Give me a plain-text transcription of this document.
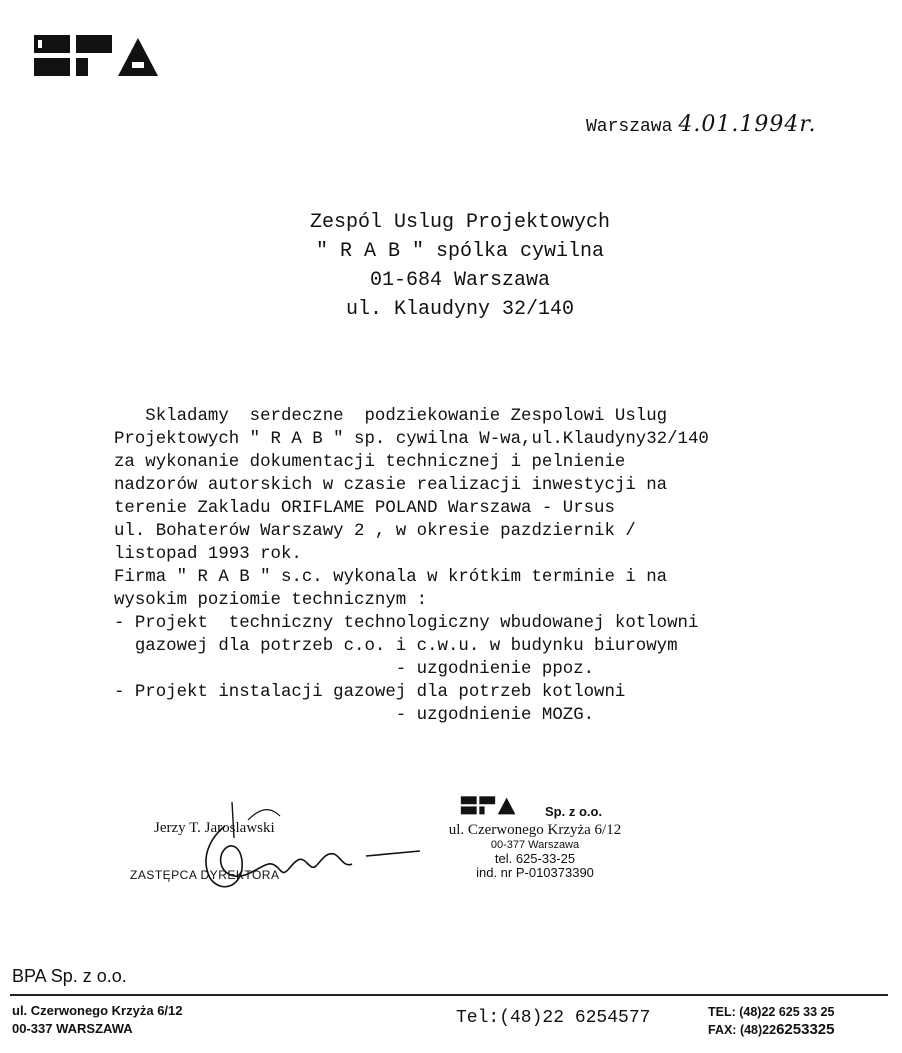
Warszawa 4.01.1994r.
Zespól Uslug Projektowych
" R A B " spólka cywilna
01-684 Warszawa
ul. Klaudyny 32/140
Skladamy  serdeczne  podziekowanie Zespolowi Uslug
Projektowych " R A B " sp. cywilna W-wa,ul.Klaudyny32/140
za wykonanie dokumentacji technicznej i pelnienie
nadzorów autorskich w czasie realizacji inwestycji na
terenie Zakladu ORIFLAME POLAND Warszawa - Ursus
ul. Bohaterów Warszawy 2 , w okresie pazdziernik /
listopad 1993 rok.
Firma " R A B " s.c. wykonala w krótkim terminie i na
wysokim poziomie technicznym :
- Projekt  techniczny technologiczny wbudowanej kotlowni
gazowej dla potrzeb c.o. i c.w.u. w budynku biurowym
- uzgodnienie ppoz.
- Projekt instalacji gazowej dla potrzeb kotlowni
- uzgodnienie MOZG.
Jerzy T. Jaroslawski
ZASTĘPCA DYREKTORA
Sp. z o.o.
ul. Czerwonego Krzyża 6/12
00-377 Warszawa
tel. 625-33-25
ind. nr P-010373390
BPA Sp. z o.o.
ul. Czerwonego Krzyża 6/12
00-337 WARSZAWA
Tel:(48)22 6254577	TEL: (48)22 625 33 25
FAX: (48)226253325
